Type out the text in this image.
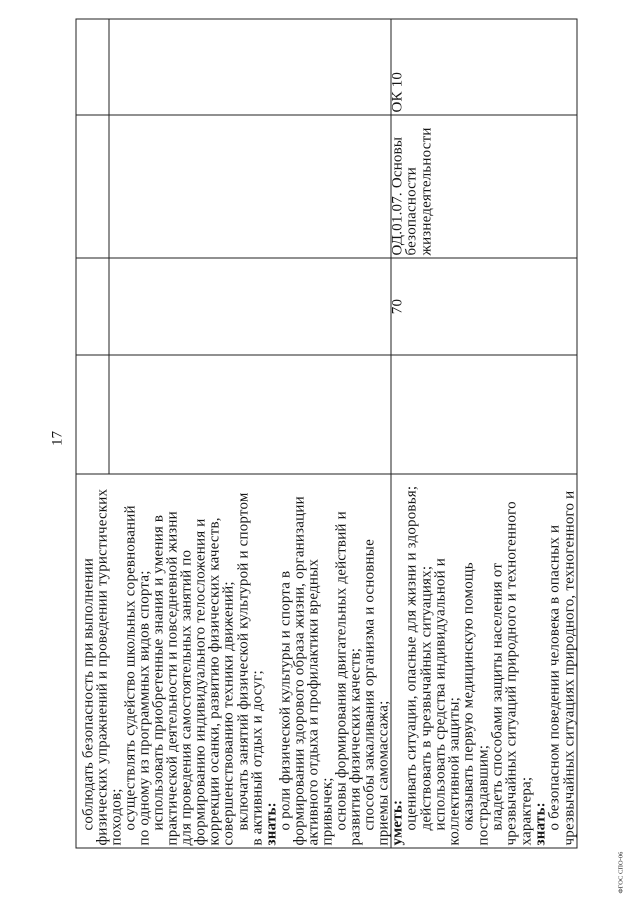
17
соблюдать безопасность при выполнении
физических упражнений и проведении туристических
походов;
осуществлять судейство школьных соревнований
по одному из программных видов спорта;
использовать приобретенные знания и умения в
практической деятельности и повседневной жизни
для проведения самостоятельных занятий по
формированию индивидуального телосложения и
коррекции осанки, развитию физических качеств,
совершенствованию техники движений;
включать занятий физической культурой и спортом
в активный отдых и досуг;
знать:
о роли физической культуры и спорта в
формировании здорового образа жизни, организации
активного отдыха и профилактики вредных
привычек;
основы формирования двигательных действий и
развития физических качеств;
способы закаливания организма и основные
приемы самомассажа;
уметь:
оценивать ситуации, опасные для жизни и здоровья;
действовать в чрезвычайных ситуациях;
использовать средства индивидуальной и
коллективной защиты;
оказывать первую медицинскую помощь
пострадавшим;
владеть способами защиты населения от
чрезвычайных ситуаций природного и техногенного
характера;
знать:
о безопасном поведении человека в опасных и
чрезвычайных ситуациях природного, техногенного и
70
ОД.01.07. Основы
безопасности
жизнедеятельности
ОК 10
ФГОС СПО-06
